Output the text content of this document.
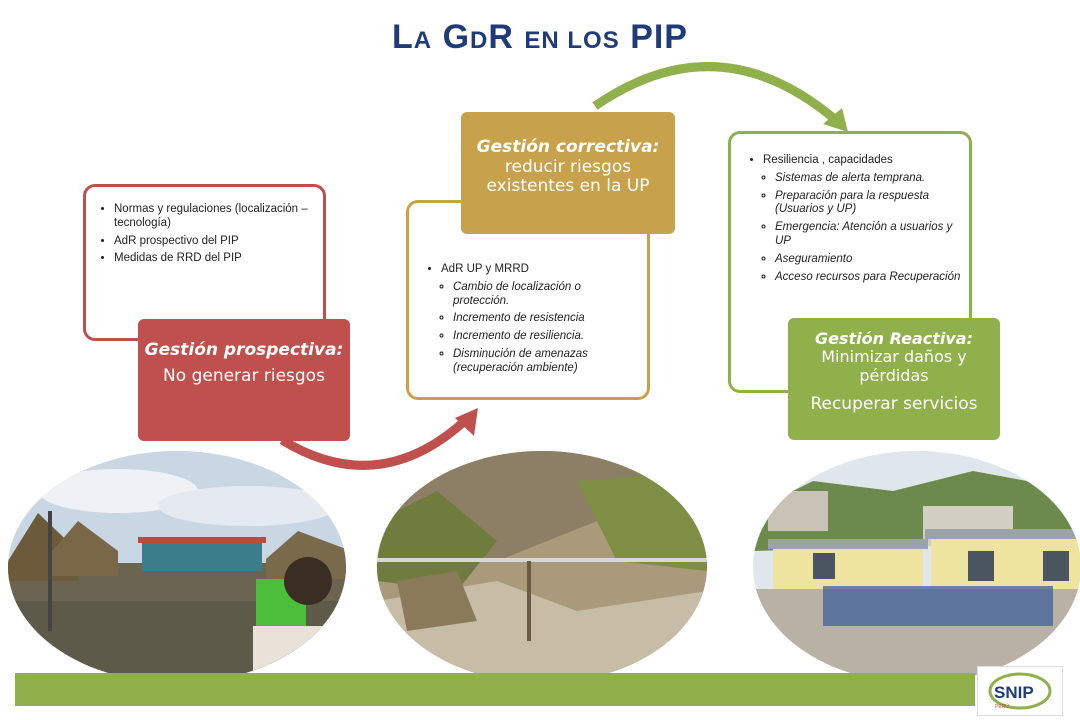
LA GDR EN LOS PIP
• Normas y regulaciones (localización – tecnología)
• AdR prospectivo del PIP
• Medidas de RRD del PIP
Gestión prospectiva:
No generar riesgos
• AdR UP y MRRD
◦ Cambio de localización o protección.
◦ Incremento de resistencia
◦ Incremento de resiliencia.
◦ Disminución de amenazas (recuperación ambiente)
Gestión correctiva: reducir riesgos existentes en la UP
• Resiliencia , capacidades
◦ Sistemas de alerta temprana.
◦ Preparación para la respuesta (Usuarios y UP)
◦ Emergencia: Atención a usuarios y UP
◦ Aseguramiento
◦ Acceso recursos para Recuperación
Gestión Reactiva: Minimizar daños y pérdidas
Recuperar servicios
SNIP
PERÚ
